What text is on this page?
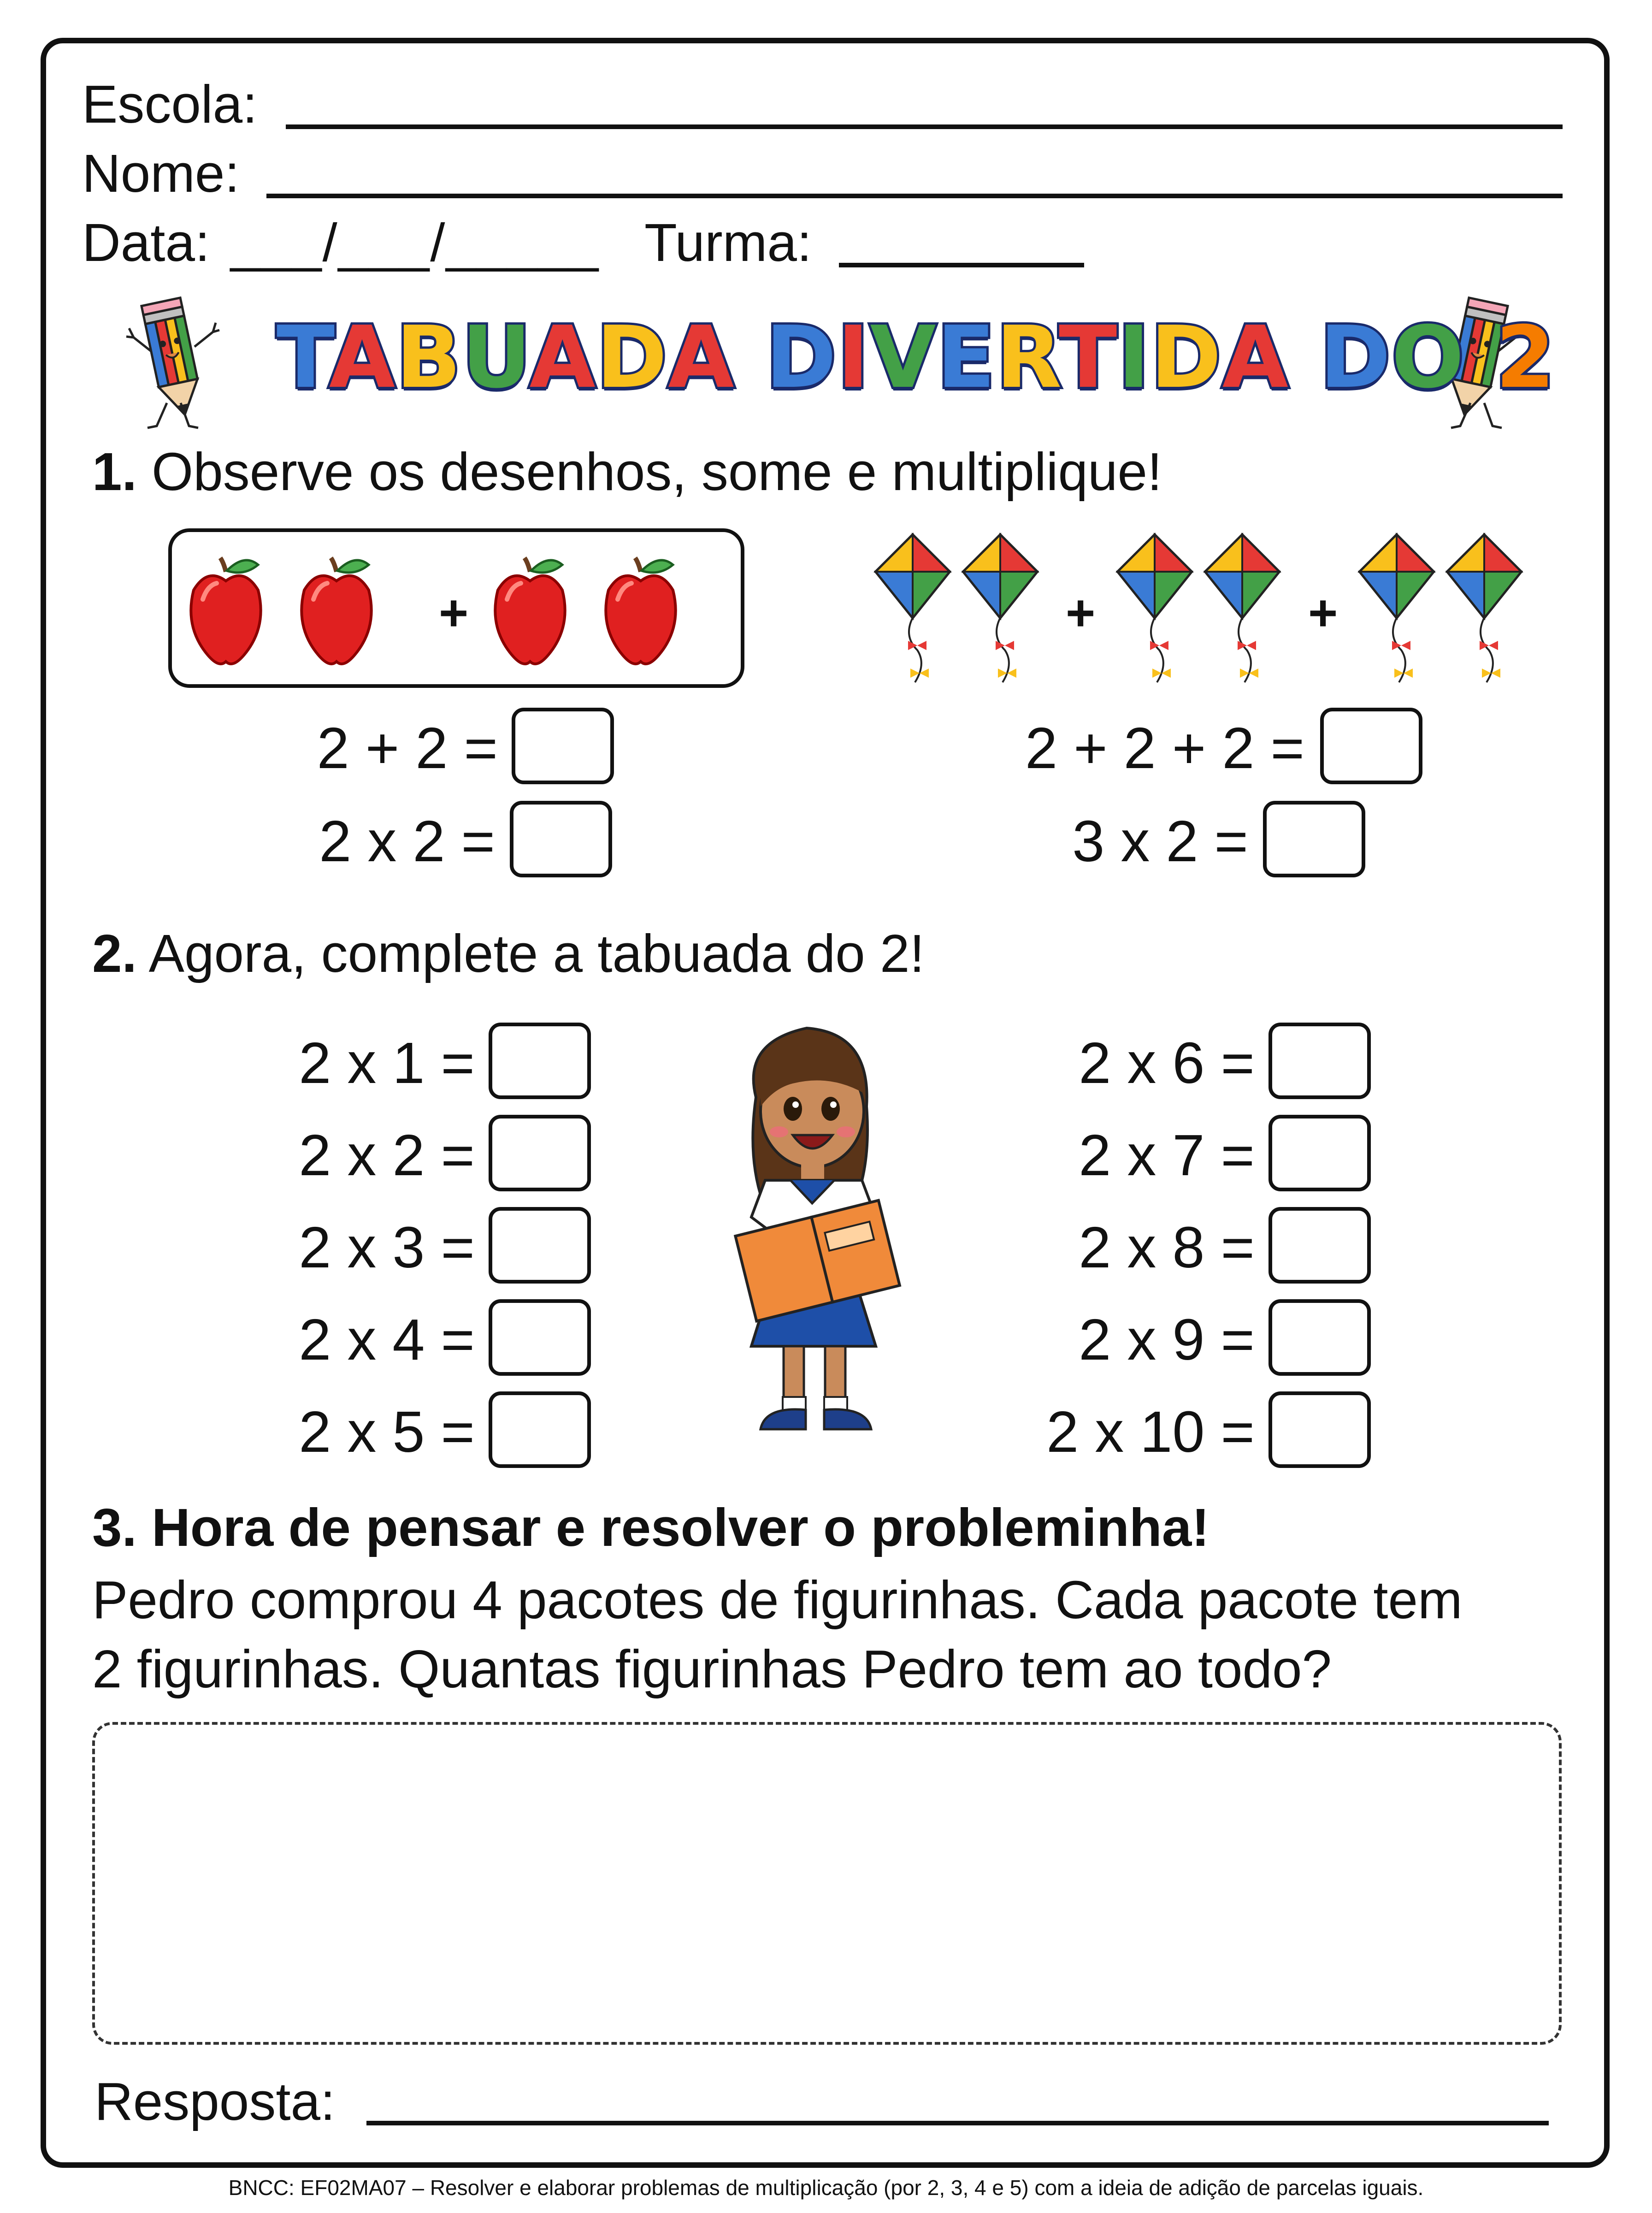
Escola:
Nome:
Data: ___/___/_____ Turma:
TABUADA DIVERTIDA DO 2
1. Observe os desenhos, some e multiplique!
+	+	+
2 + 2 =
2 x 2 =
2 + 2 + 2 =
3 x 2 =
2. Agora, complete a tabuada do 2!
2 x 1 =
2 x 2 =
2 x 3 =
2 x 4 =
2 x 5 =
2 x 6 =
2 x 7 =
2 x 8 =
2 x 9 =
2 x 10 =
3. Hora de pensar e resolver o probleminha!
Pedro comprou 4 pacotes de figurinhas. Cada pacote tem
2 figurinhas. Quantas figurinhas Pedro tem ao todo?
Resposta:
BNCC: EF02MA07 – Resolver e elaborar problemas de multiplicação (por 2, 3, 4 e 5) com a ideia de adição de parcelas iguais.
